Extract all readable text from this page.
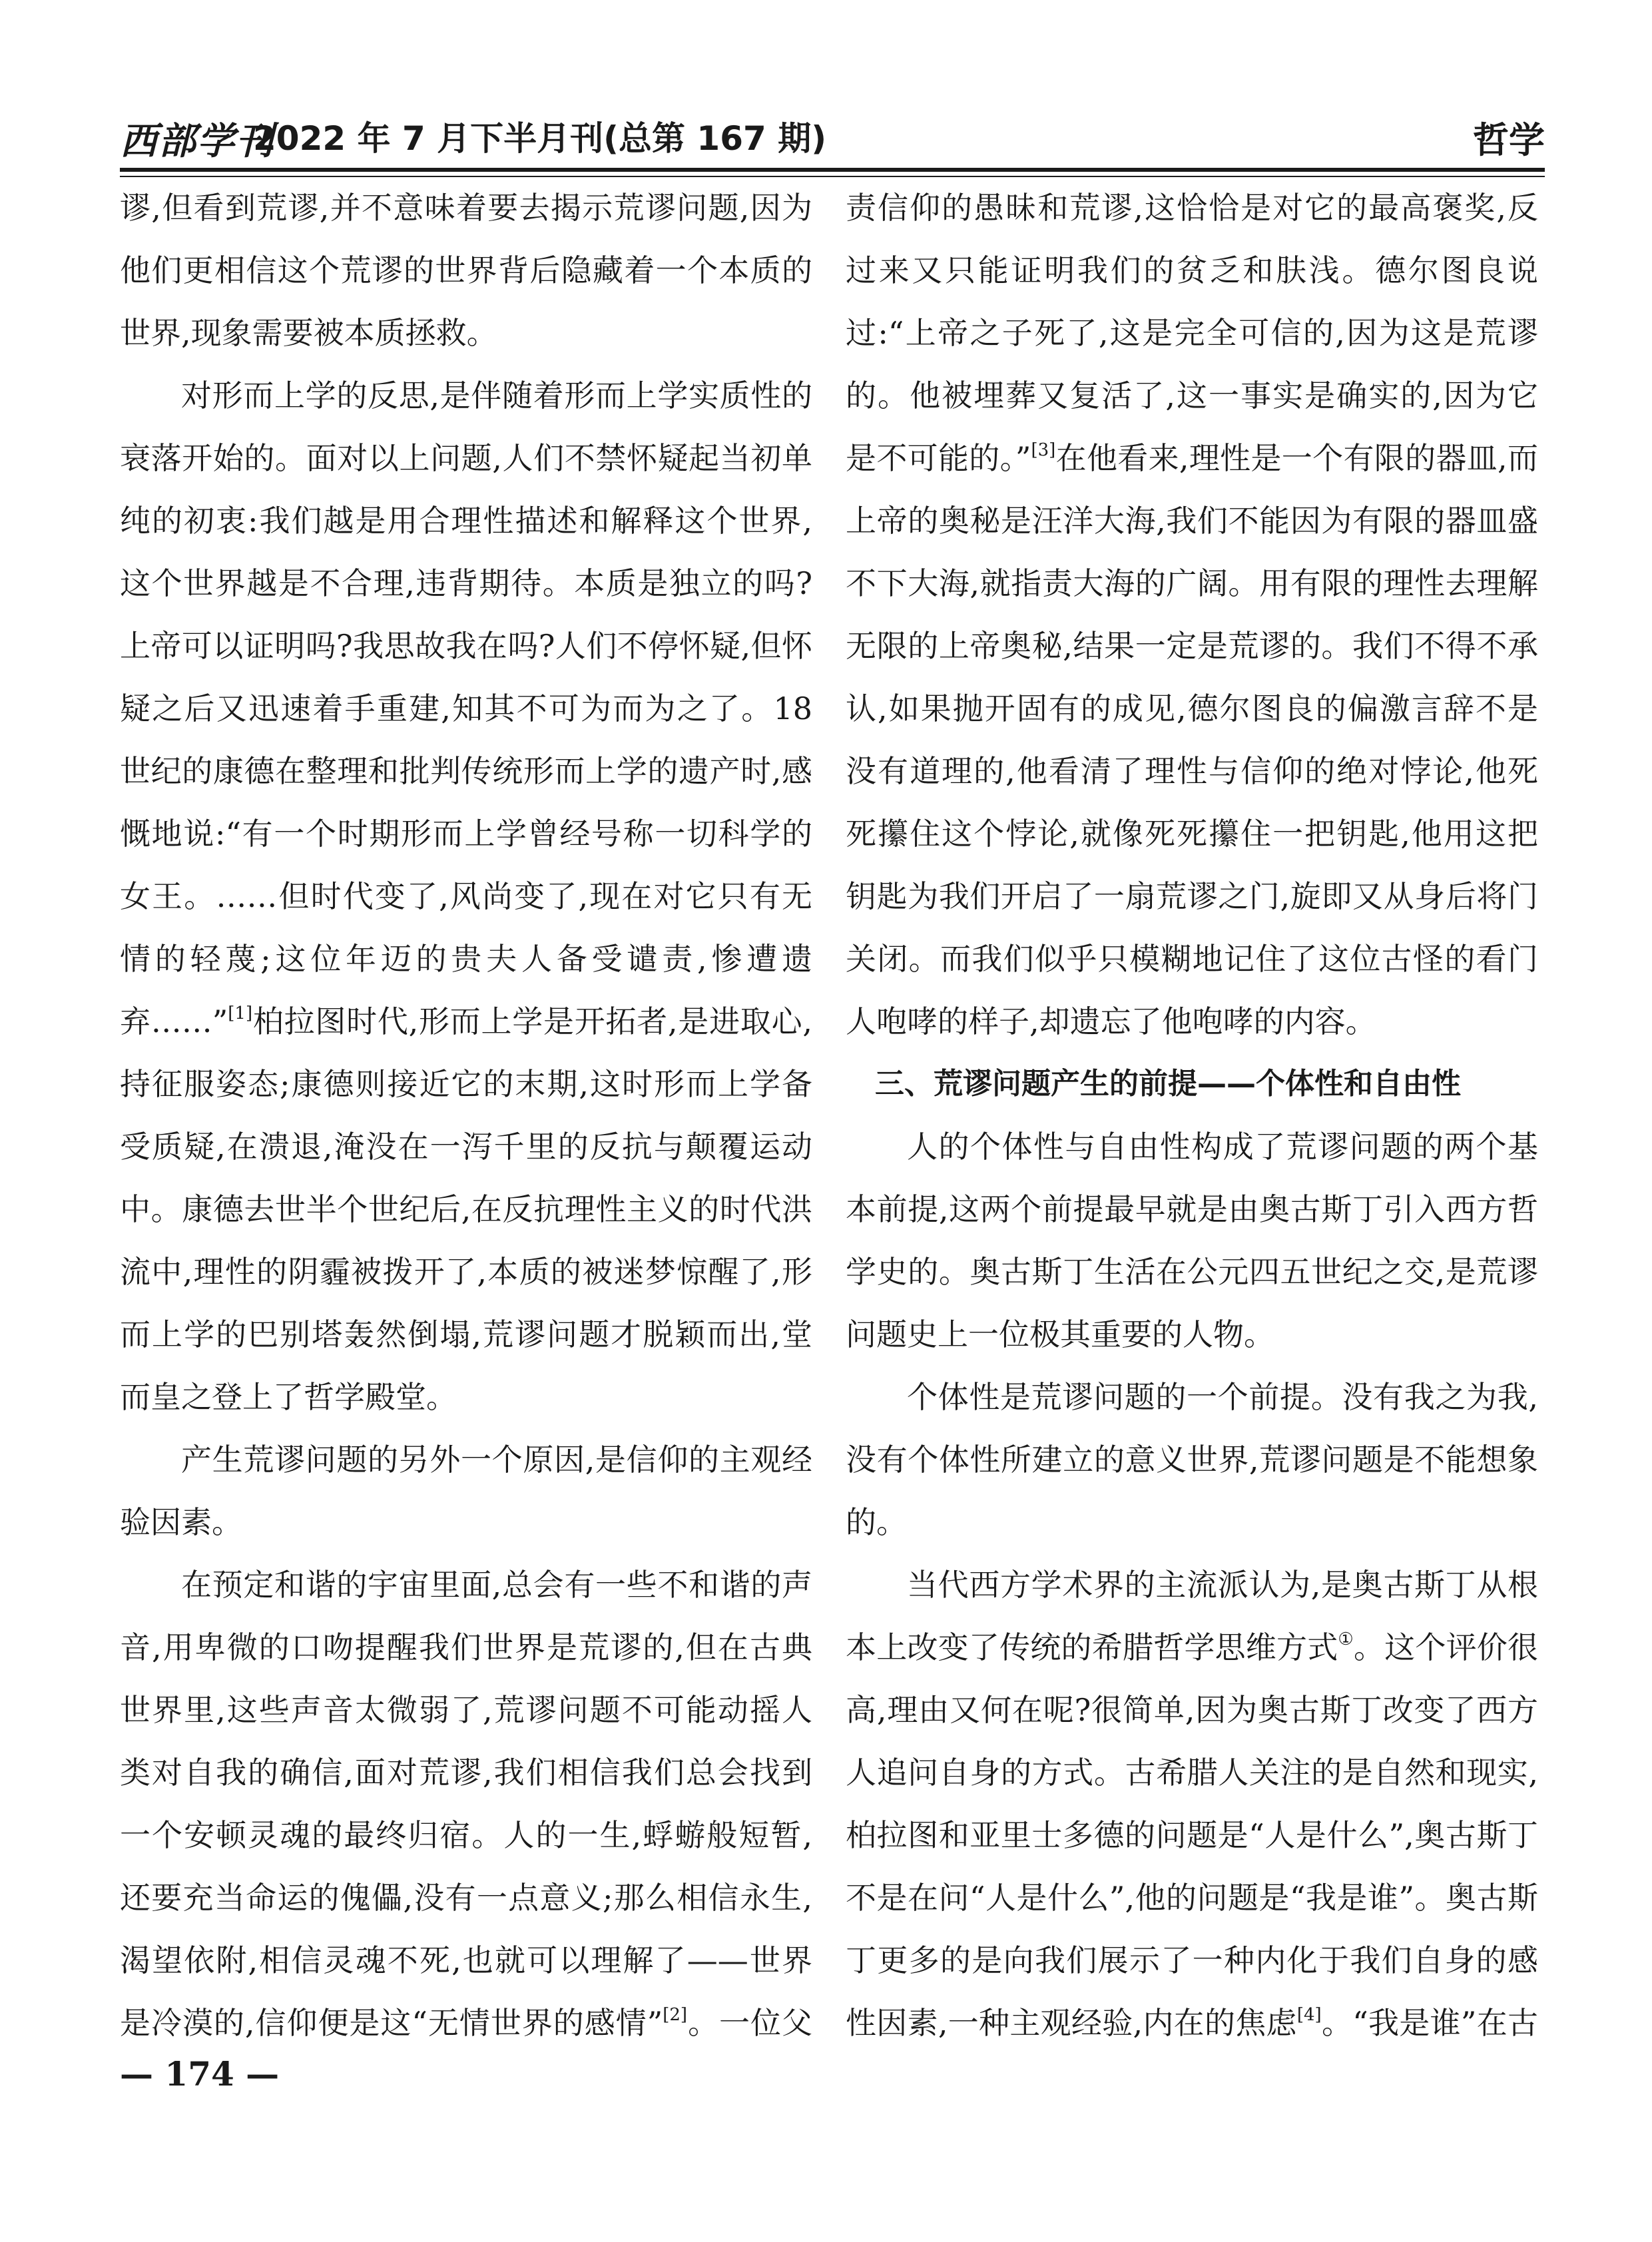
西部学刊
2022 年 7 月下半月刊(总第 167 期)	哲学

谬,但看到荒谬,并不意味着要去揭示荒谬问题,因为他们更相信这个荒谬的世界背后隐藏着一个本质的世界,现象需要被本质拯救。

对形而上学的反思,是伴随着形而上学实质性的衰落开始的。面对以上问题,人们不禁怀疑起当初单纯的初衷:我们越是用合理性描述和解释这个世界,这个世界越是不合理,违背期待。本质是独立的吗?上帝可以证明吗?我思故我在吗?人们不停怀疑,但怀疑之后又迅速着手重建,知其不可为而为之了。18 世纪的康德在整理和批判传统形而上学的遗产时,感慨地说:“有一个时期形而上学曾经号称一切科学的女王。……但时代变了,风尚变了,现在对它只有无情的轻蔑;这位年迈的贵夫人备受谴责,惨遭遗弃……”[1]柏拉图时代,形而上学是开拓者,是进取心,持征服姿态;康德则接近它的末期,这时形而上学备受质疑,在溃退,淹没在一泻千里的反抗与颠覆运动中。康德去世半个世纪后,在反抗理性主义的时代洪流中,理性的阴霾被拨开了,本质的被迷梦惊醒了,形而上学的巴别塔轰然倒塌,荒谬问题才脱颖而出,堂而皇之登上了哲学殿堂。

产生荒谬问题的另外一个原因,是信仰的主观经验因素。

在预定和谐的宇宙里面,总会有一些不和谐的声音,用卑微的口吻提醒我们世界是荒谬的,但在古典世界里,这些声音太微弱了,荒谬问题不可能动摇人类对自我的确信,面对荒谬,我们相信我们总会找到一个安顿灵魂的最终归宿。人的一生,蜉蝣般短暂,还要充当命运的傀儡,没有一点意义;那么相信永生,渴望依附,相信灵魂不死,也就可以理解了——世界是冷漠的,信仰便是这“无情世界的感情”[2]。一位父

责信仰的愚昧和荒谬,这恰恰是对它的最高褒奖,反过来又只能证明我们的贫乏和肤浅。德尔图良说过:“上帝之子死了,这是完全可信的,因为这是荒谬的。他被埋葬又复活了,这一事实是确实的,因为它是不可能的。”[3]在他看来,理性是一个有限的器皿,而上帝的奥秘是汪洋大海,我们不能因为有限的器皿盛不下大海,就指责大海的广阔。用有限的理性去理解无限的上帝奥秘,结果一定是荒谬的。我们不得不承认,如果抛开固有的成见,德尔图良的偏激言辞不是没有道理的,他看清了理性与信仰的绝对悖论,他死死攥住这个悖论,就像死死攥住一把钥匙,他用这把钥匙为我们开启了一扇荒谬之门,旋即又从身后将门关闭。而我们似乎只模糊地记住了这位古怪的看门人咆哮的样子,却遗忘了他咆哮的内容。

三、荒谬问题产生的前提——个体性和自由性

人的个体性与自由性构成了荒谬问题的两个基本前提,这两个前提最早就是由奥古斯丁引入西方哲学史的。奥古斯丁生活在公元四五世纪之交,是荒谬问题史上一位极其重要的人物。

个体性是荒谬问题的一个前提。没有我之为我,没有个体性所建立的意义世界,荒谬问题是不能想象的。

当代西方学术界的主流派认为,是奥古斯丁从根本上改变了传统的希腊哲学思维方式①。这个评价很高,理由又何在呢?很简单,因为奥古斯丁改变了西方人追问自身的方式。古希腊人关注的是自然和现实,柏拉图和亚里士多德的问题是“人是什么”,奥古斯丁不是在问“人是什么”,他的问题是“我是谁”。奥古斯丁更多的是向我们展示了一种内化于我们自身的感性因素,一种主观经验,内在的焦虑[4]。“我是谁”在古

— 174 —
